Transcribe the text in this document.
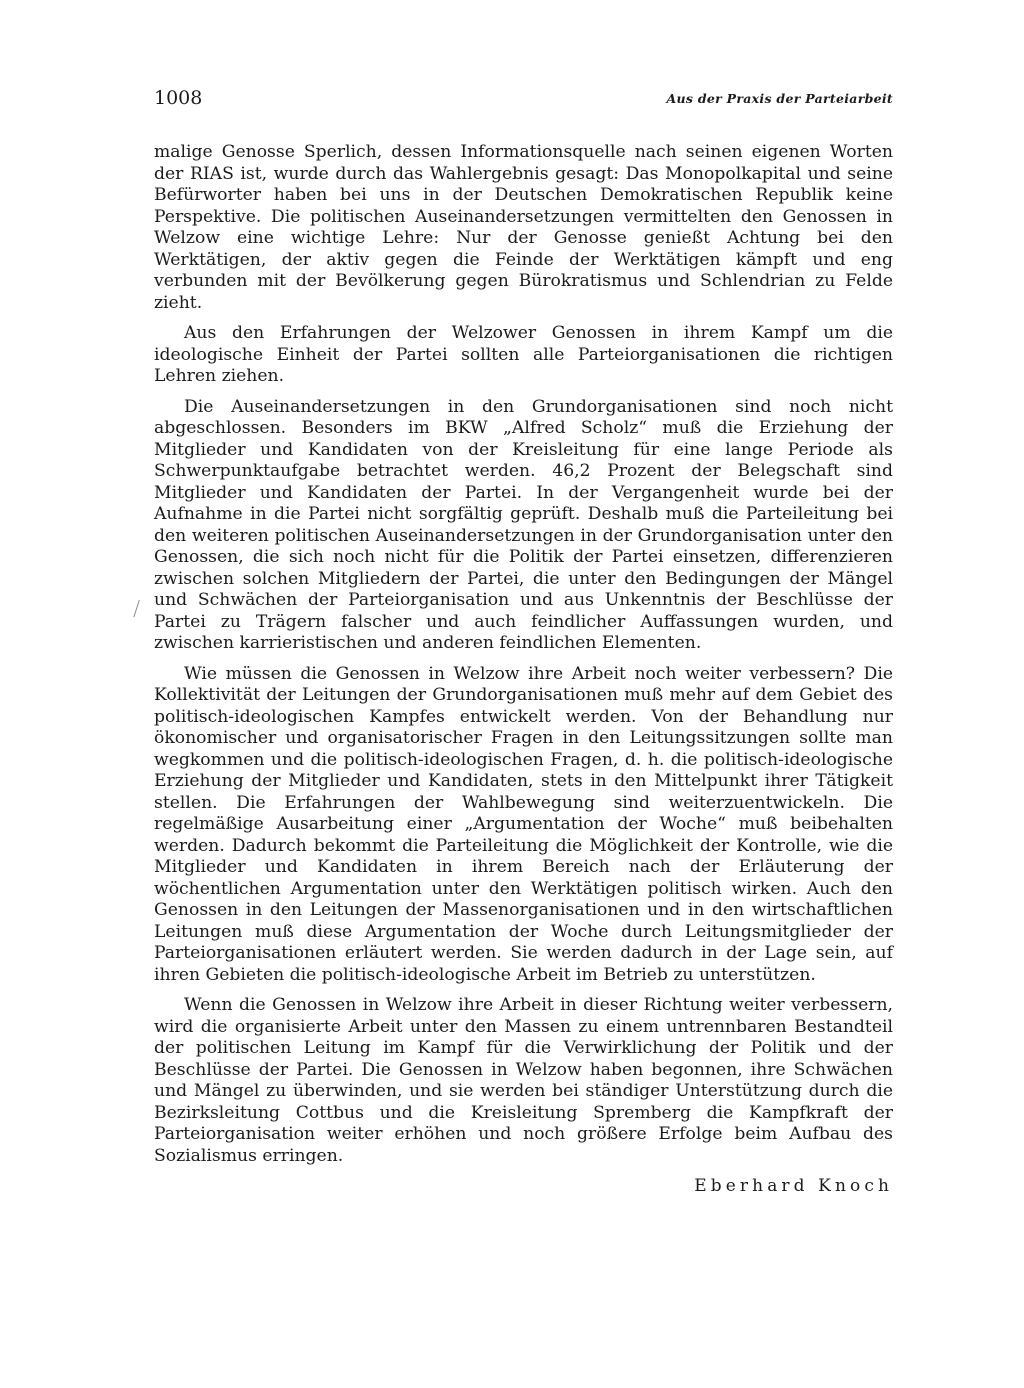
1008	Aus der Praxis der Parteiarbeit

malige Genosse Sperlich, dessen Informationsquelle nach seinen eigenen Worten der RIAS ist, wurde durch das Wahlergebnis gesagt: Das Monopolkapital und seine Befürworter haben bei uns in der Deutschen Demokratischen Republik keine Perspektive. Die politischen Auseinandersetzungen vermittelten den Genossen in Welzow eine wichtige Lehre: Nur der Genosse genießt Achtung bei den Werktätigen, der aktiv gegen die Feinde der Werktätigen kämpft und eng verbunden mit der Bevölkerung gegen Bürokratismus und Schlendrian zu Felde zieht.

Aus den Erfahrungen der Welzower Genossen in ihrem Kampf um die ideologische Einheit der Partei sollten alle Parteiorganisationen die richtigen Lehren ziehen.

Die Auseinandersetzungen in den Grundorganisationen sind noch nicht abgeschlossen. Besonders im BKW „Alfred Scholz“ muß die Erziehung der Mitglieder und Kandidaten von der Kreisleitung für eine lange Periode als Schwerpunktaufgabe betrachtet werden. 46,2 Prozent der Belegschaft sind Mitglieder und Kandidaten der Partei. In der Vergangenheit wurde bei der Aufnahme in die Partei nicht sorgfältig geprüft. Deshalb muß die Parteileitung bei den weiteren politischen Auseinandersetzungen in der Grundorganisation unter den Genossen, die sich noch nicht für die Politik der Partei einsetzen, differenzieren zwischen solchen Mitgliedern der Partei, die unter den Bedingungen der Mängel und Schwächen der Parteiorganisation und aus Unkenntnis der Beschlüsse der Partei zu Trägern falscher und auch feindlicher Auffassungen wurden, und zwischen karrieristischen und anderen feindlichen Elementen.

Wie müssen die Genossen in Welzow ihre Arbeit noch weiter verbessern? Die Kollektivität der Leitungen der Grundorganisationen muß mehr auf dem Gebiet des politisch-ideologischen Kampfes entwickelt werden. Von der Behandlung nur ökonomischer und organisatorischer Fragen in den Leitungssitzungen sollte man wegkommen und die politisch-ideologischen Fragen, d. h. die politisch-ideologische Erziehung der Mitglieder und Kandidaten, stets in den Mittelpunkt ihrer Tätigkeit stellen. Die Erfahrungen der Wahlbewegung sind weiterzuentwickeln. Die regelmäßige Ausarbeitung einer „Argumentation der Woche“ muß beibehalten werden. Dadurch bekommt die Parteileitung die Möglichkeit der Kontrolle, wie die Mitglieder und Kandidaten in ihrem Bereich nach der Erläuterung der wöchentlichen Argumentation unter den Werktätigen politisch wirken. Auch den Genossen in den Leitungen der Massenorganisationen und in den wirtschaftlichen Leitungen muß diese Argumentation der Woche durch Leitungsmitglieder der Parteiorganisationen erläutert werden. Sie werden dadurch in der Lage sein, auf ihren Gebieten die politisch-ideologische Arbeit im Betrieb zu unterstützen.

Wenn die Genossen in Welzow ihre Arbeit in dieser Richtung weiter verbessern, wird die organisierte Arbeit unter den Massen zu einem untrennbaren Bestandteil der politischen Leitung im Kampf für die Verwirklichung der Politik und der Beschlüsse der Partei. Die Genossen in Welzow haben begonnen, ihre Schwächen und Mängel zu überwinden, und sie werden bei ständiger Unterstützung durch die Bezirksleitung Cottbus und die Kreisleitung Spremberg die Kampfkraft der Parteiorganisation weiter erhöhen und noch größere Erfolge beim Aufbau des Sozialismus erringen.

Eberhard Knoch
